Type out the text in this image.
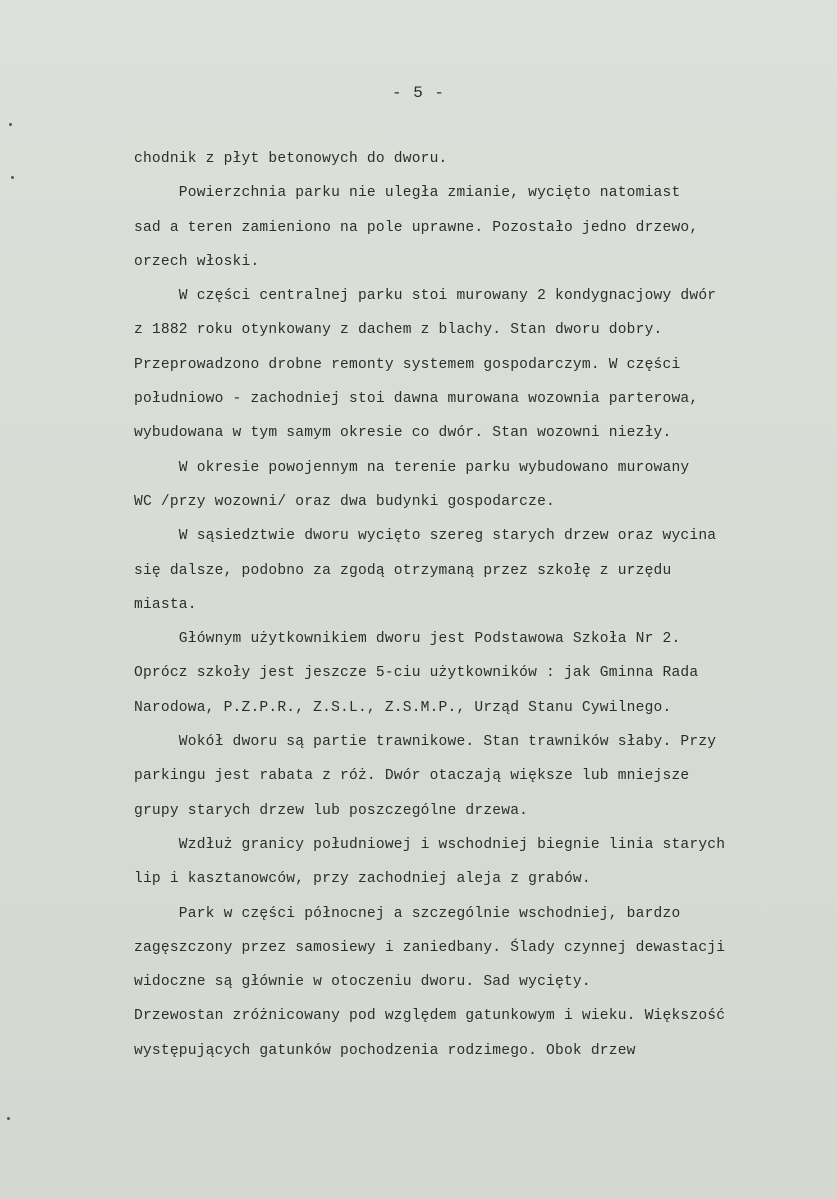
- 5 -
chodnik z płyt betonowych do dworu.
Powierzchnia parku nie uległa zmianie, wycięto natomiast
sad a teren zamieniono na pole uprawne. Pozostało jedno drzewo,
orzech włoski.
W części centralnej parku stoi murowany 2 kondygnacjowy dwór
z 1882 roku otynkowany z dachem z blachy. Stan dworu dobry.
Przeprowadzono drobne remonty systemem gospodarczym. W części
południowo - zachodniej stoi dawna murowana wozownia parterowa,
wybudowana w tym samym okresie co dwór. Stan wozowni niezły.
W okresie powojennym na terenie parku wybudowano murowany
WC /przy wozowni/ oraz dwa budynki gospodarcze.
W sąsiedztwie dworu wycięto szereg starych drzew oraz wycina
się dalsze, podobno za zgodą otrzymaną przez szkołę z urzędu
miasta.
Głównym użytkownikiem dworu jest Podstawowa Szkoła Nr 2.
Oprócz szkoły jest jeszcze 5-ciu użytkowników : jak Gminna Rada
Narodowa, P.Z.P.R., Z.S.L., Z.S.M.P., Urząd Stanu Cywilnego.
Wokół dworu są partie trawnikowe. Stan trawników słaby. Przy
parkingu jest rabata z róż. Dwór otaczają większe lub mniejsze
grupy starych drzew lub poszczególne drzewa.
Wzdłuż granicy południowej i wschodniej biegnie linia starych
lip i kasztanowców, przy zachodniej aleja z grabów.
Park w części północnej a szczególnie wschodniej, bardzo
zagęszczony przez samosiewy i zaniedbany. Ślady czynnej dewastacji
widoczne są głównie w otoczeniu dworu. Sad wycięty.
Drzewostan zróżnicowany pod względem gatunkowym i wieku. Większość
występujących gatunków pochodzenia rodzimego. Obok drzew
